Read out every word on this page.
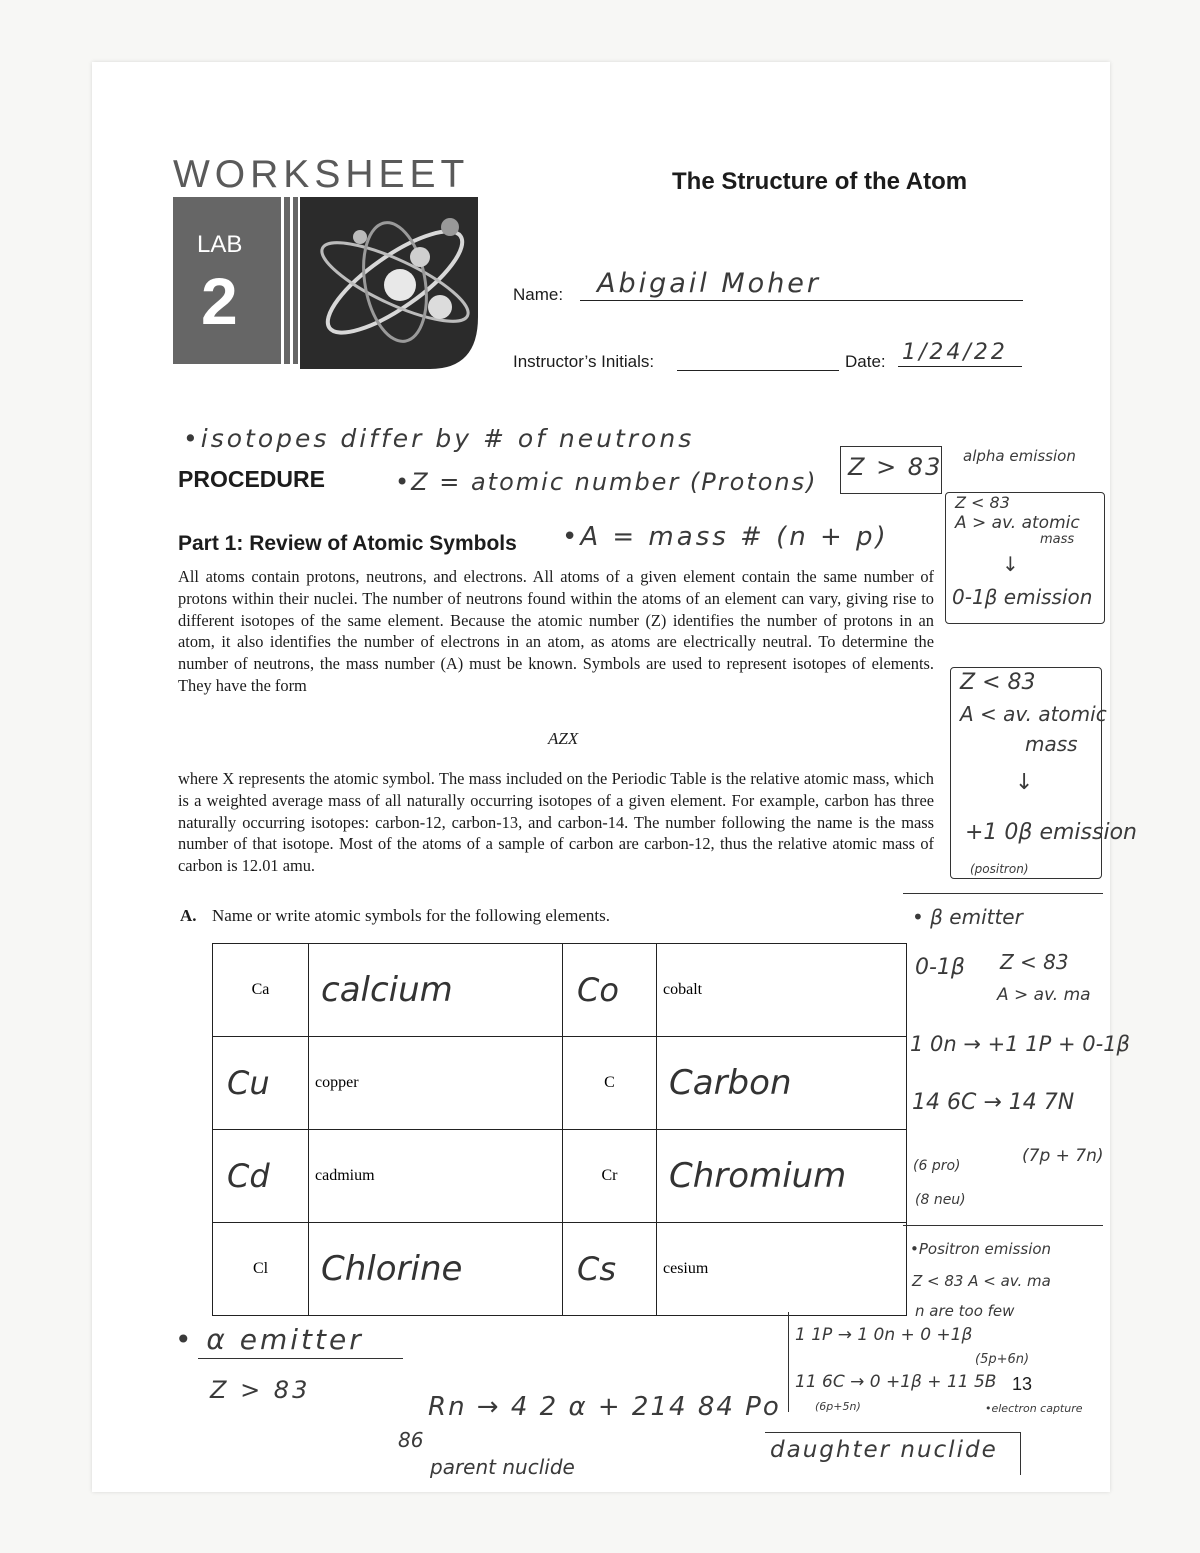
WORKSHEET	The Structure of the Atom
LAB
2	Name: Abigail Moher
Instructor’s Initials:	Date: 1/24/22
•isotopes differ by # of neutrons
PROCEDURE	•Z = atomic number (Protons)
Z > 83 alpha emission
Part 1: Review of Atomic Symbols •A = mass # (n + p)
Z < 83
A > av. atomic
mass
↓
0-1β emission
All atoms contain protons, neutrons, and electrons. All atoms of a given element contain the same number of protons within their nuclei. The number of neutrons found within the atoms of an element can vary, giving rise to different isotopes of the same element. Because the atomic number (Z) identifies the number of protons in an atom, it also identifies the number of electrons in an atom, as atoms are electrically neutral. To determine the number of neutrons, the mass number (A) must be known. Symbols are used to represent isotopes of elements. They have the form
AZX
Z < 83
A < av. atomic
mass
↓
+1 0β emission
(positron)
where X represents the atomic symbol. The mass included on the Periodic Table is the relative atomic mass, which is a weighted average mass of all naturally occurring isotopes of a given element. For example, carbon has three naturally occurring isotopes: carbon-12, carbon-13, and carbon-14. The number following the name is the mass number of that isotope. Most of the atoms of a sample of carbon are carbon-12, thus the relative atomic mass of carbon is 12.01 amu.
A. Name or write atomic symbols for the following elements.
Ca	calcium	Co	cobalt
Cu	copper	C	Carbon
Cd	cadmium	Cr	Chromium
Cl	Chlorine	Cs	cesium
• β emitter
0-1β Z < 83
A > av. ma
1 0n → +1 1P + 0-1β
14 6C → 14 7N
(6 pro)
(8 neu)
(7p + 7n)
•Positron emission
Z < 83 A < av. ma
n are too few
• α emitter
Z > 83
Rn → 4 2 α + 214 84 Po
86
parent nuclide
1 1P → 1 0n + 0 +1β
11 6C → 0 +1β + 11 5B
(6p+5n)
(5p+6n)
13
•electron capture
daughter nuclide
